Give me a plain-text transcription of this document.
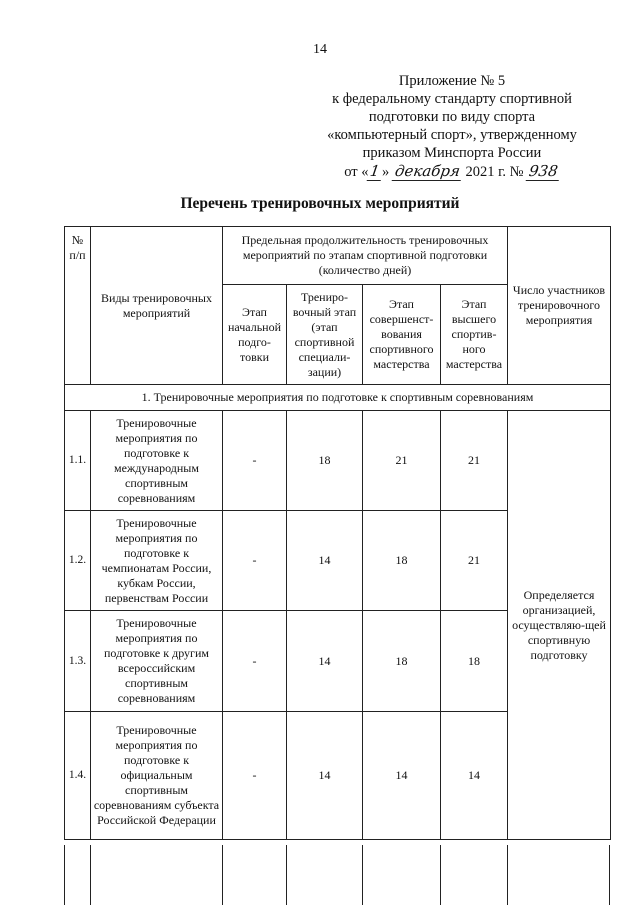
14
Приложение № 5
к федеральному стандарту спортивной
подготовки по виду спорта
«компьютерный спорт», утвержденному
приказом Минспорта России
от «1» декабря 2021 г. № 938
Перечень тренировочных мероприятий
№ п/п	Виды тренировочных мероприятий	Предельная продолжительность тренировочных мероприятий по этапам спортивной подготовки (количество дней)				Число участников тренировочного мероприятия
		Этап начальной подго-товки	Трениро-вочный этап (этап спортивной специали-зации)	Этап совершенст-вования спортивного мастерства	Этап высшего спортив-ного мастерства	
1. Тренировочные мероприятия по подготовке к спортивным соревнованиям						
1.1.	Тренировочные мероприятия по подготовке к международным спортивным соревнованиям	-	18	21	21	Определяется организацией, осуществляю-щей спортивную подготовку
1.2.	Тренировочные мероприятия по подготовке к чемпионатам России, кубкам России, первенствам России	-	14	18	21	
1.3.	Тренировочные мероприятия по подготовке к другим всероссийским спортивным соревнованиям	-	14	18	18	
1.4.	Тренировочные мероприятия по подготовке к официальным спортивным соревнованиям субъекта Российской Федерации	-	14	14	14	
